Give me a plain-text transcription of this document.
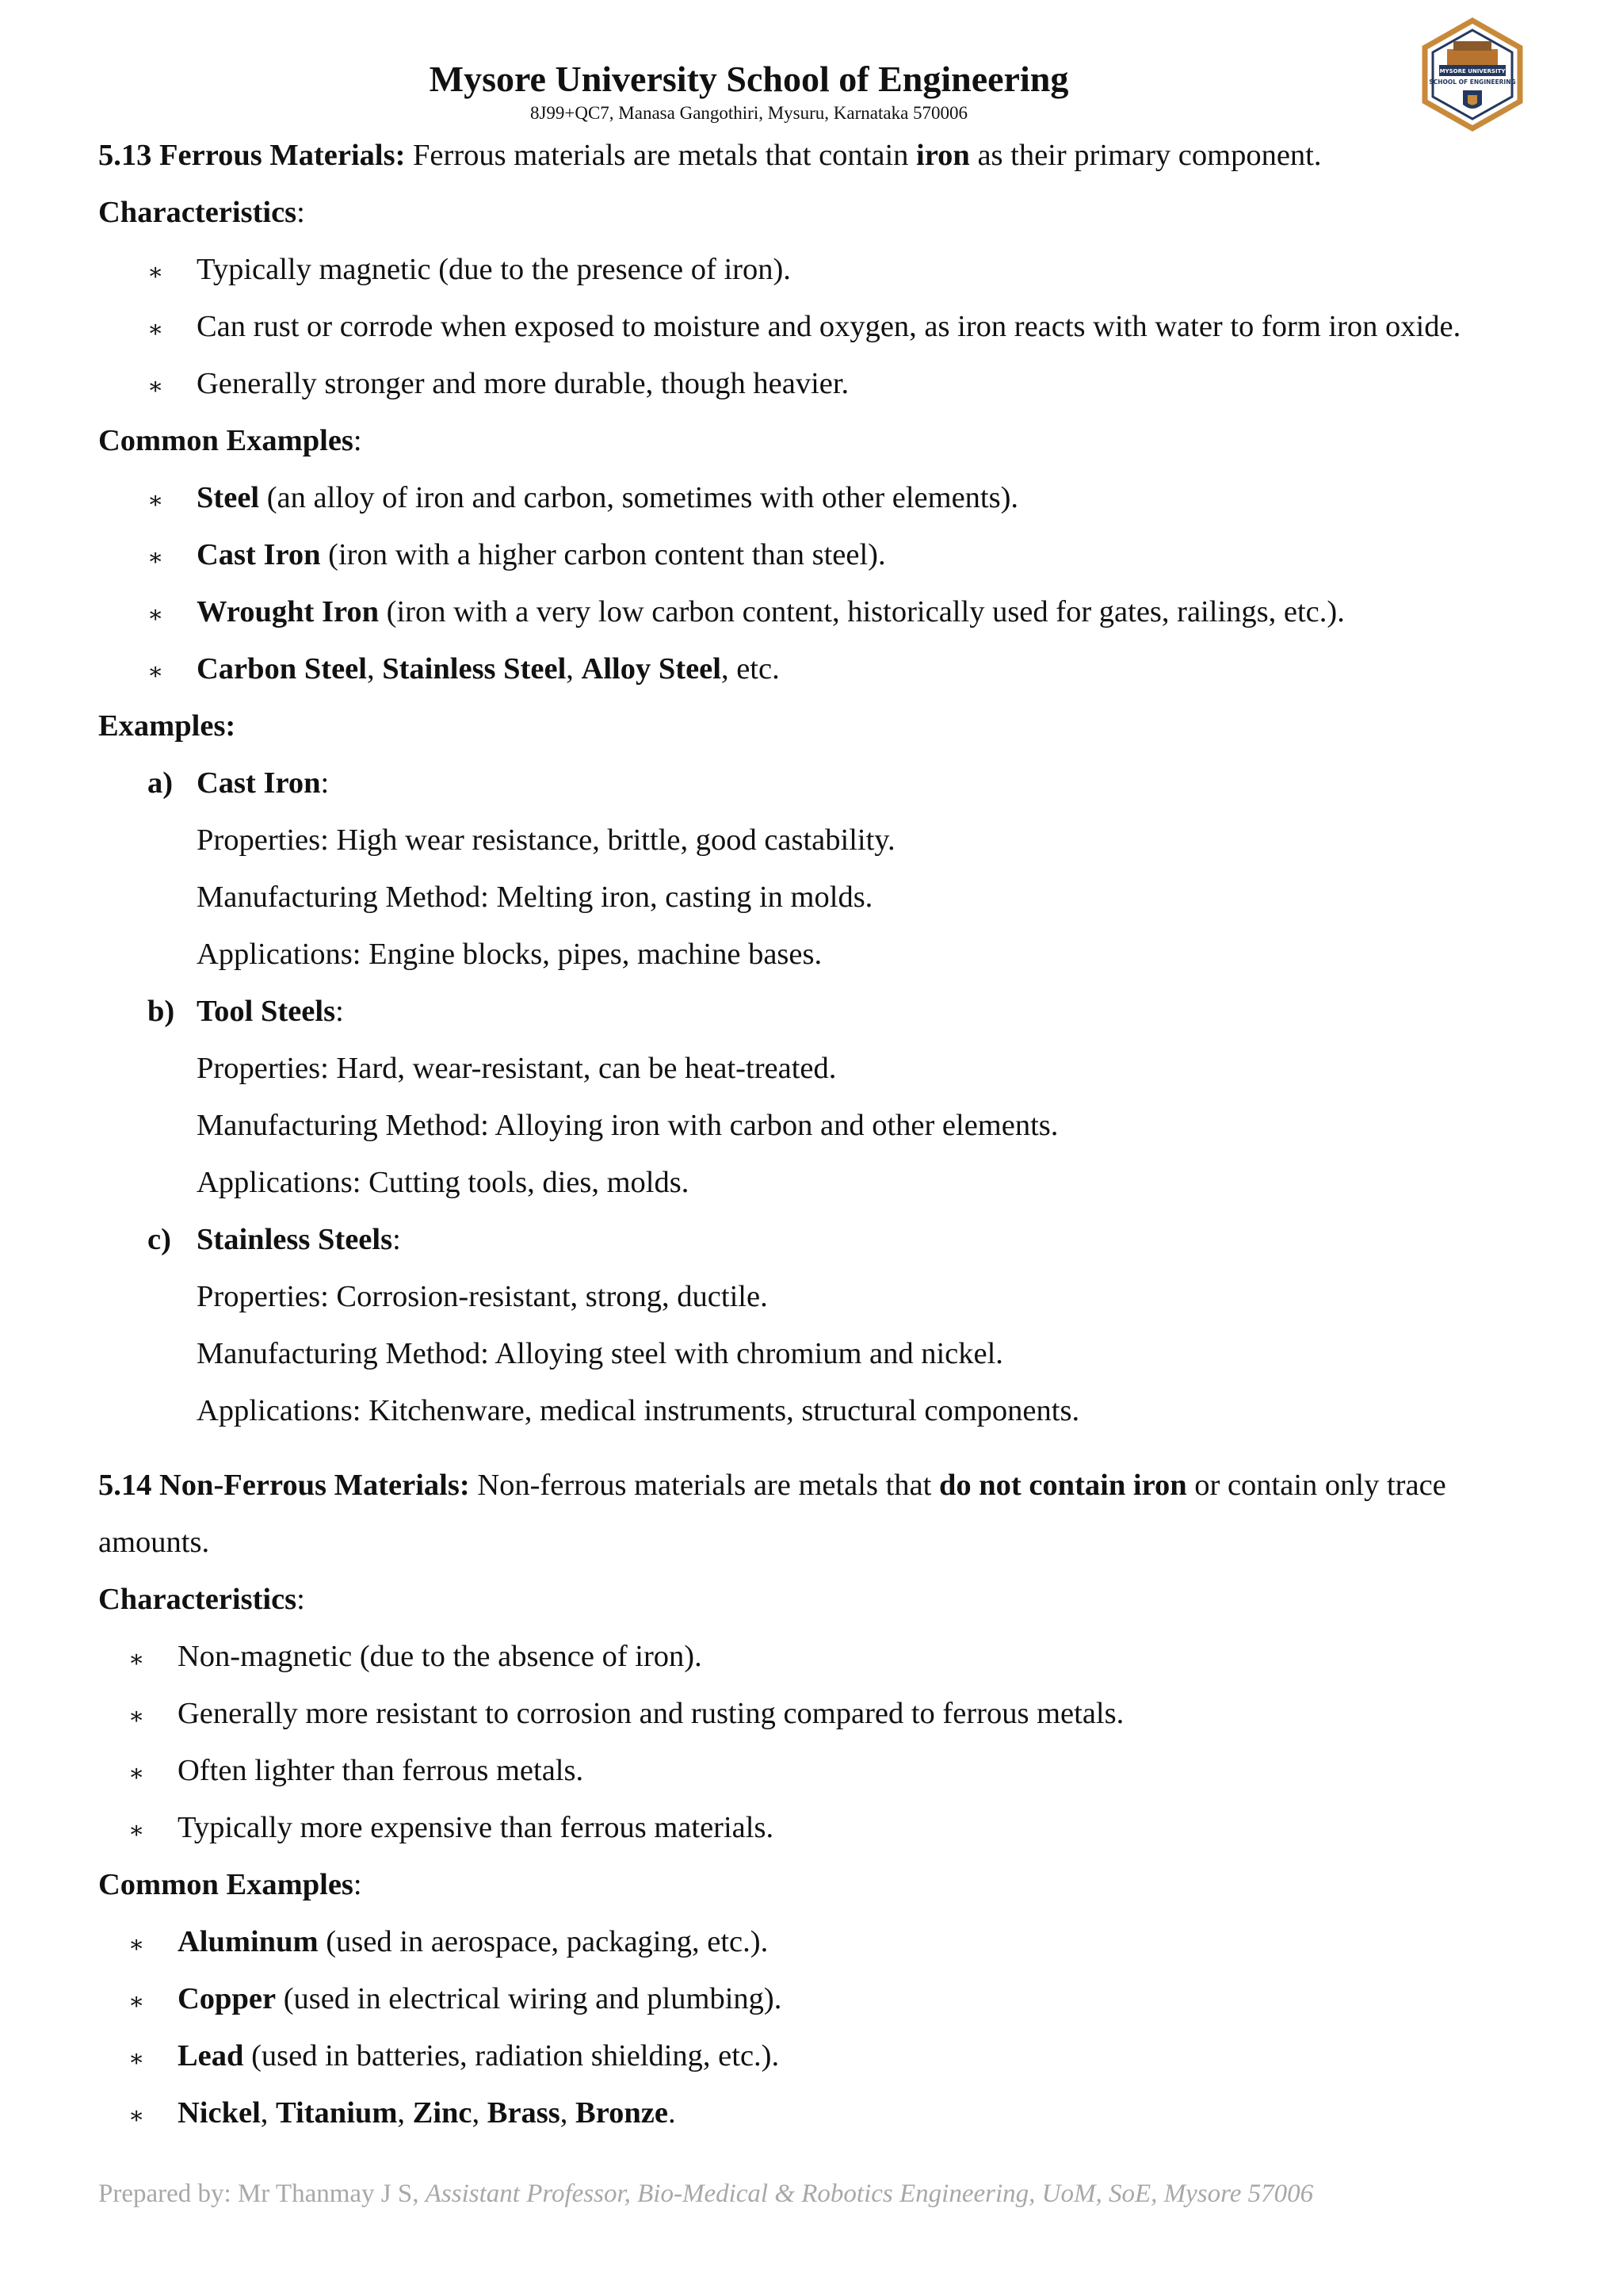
Mysore University School of Engineering
8J99+QC7, Manasa Gangothiri, Mysuru, Karnataka 570006
MYSORE UNIVERSITY
SCHOOL OF ENGINEERING
5.13 Ferrous Materials: Ferrous materials are metals that contain iron as their primary component.
Characteristics:
∗ Typically magnetic (due to the presence of iron).
∗ Can rust or corrode when exposed to moisture and oxygen, as iron reacts with water to form iron oxide.
∗ Generally stronger and more durable, though heavier.
Common Examples:
∗ Steel (an alloy of iron and carbon, sometimes with other elements).
∗ Cast Iron (iron with a higher carbon content than steel).
∗ Wrought Iron (iron with a very low carbon content, historically used for gates, railings, etc.).
∗ Carbon Steel, Stainless Steel, Alloy Steel, etc.
Examples:
a) Cast Iron:
Properties: High wear resistance, brittle, good castability.
Manufacturing Method: Melting iron, casting in molds.
Applications: Engine blocks, pipes, machine bases.
b) Tool Steels:
Properties: Hard, wear-resistant, can be heat-treated.
Manufacturing Method: Alloying iron with carbon and other elements.
Applications: Cutting tools, dies, molds.
c) Stainless Steels:
Properties: Corrosion-resistant, strong, ductile.
Manufacturing Method: Alloying steel with chromium and nickel.
Applications: Kitchenware, medical instruments, structural components.
5.14 Non-Ferrous Materials: Non-ferrous materials are metals that do not contain iron or contain only trace amounts.
Characteristics:
∗ Non-magnetic (due to the absence of iron).
∗ Generally more resistant to corrosion and rusting compared to ferrous metals.
∗ Often lighter than ferrous metals.
∗ Typically more expensive than ferrous materials.
Common Examples:
∗ Aluminum (used in aerospace, packaging, etc.).
∗ Copper (used in electrical wiring and plumbing).
∗ Lead (used in batteries, radiation shielding, etc.).
∗ Nickel, Titanium, Zinc, Brass, Bronze.
Prepared by: Mr Thanmay J S, Assistant Professor, Bio-Medical & Robotics Engineering, UoM, SoE, Mysore 57006
